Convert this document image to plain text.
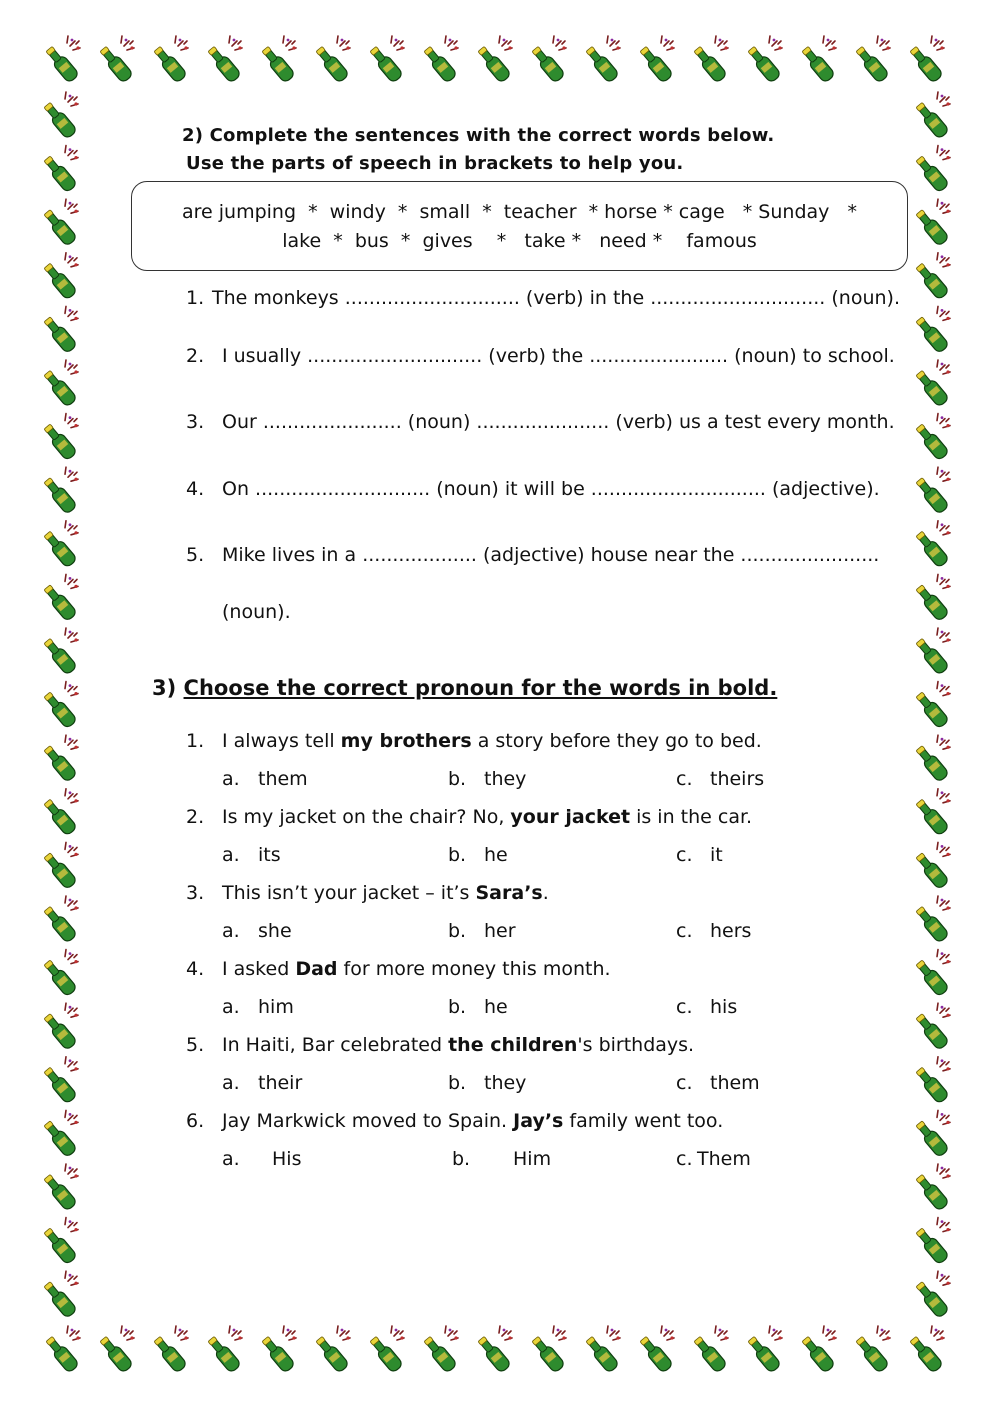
2) Complete the sentences with the correct words below.
Use the parts of speech in brackets to help you.
are jumping  *  windy  *  small  *  teacher  * horse * cage   * Sunday   *
lake  *  bus  *  gives    *   take *   need *    famous
1. The monkeys ............................. (verb) in the ............................. (noun).
2. I usually ............................. (verb) the ....................... (noun) to school.
3. Our ....................... (noun) ...................... (verb) us a test every month.
4. On ............................. (noun) it will be ............................. (adjective).
5. Mike lives in a ................... (adjective) house near the .......................
(noun).
3) Choose the correct pronoun for the words in bold.
1. I always tell my brothers a story before they go to bed.
a. them	b. they	c. theirs
2. Is my jacket on the chair? No, your jacket is in the car.
a. its	b. he	c. it
3. This isn’t your jacket – it’s Sara’s.
a. she	b. her	c. hers
4. I asked Dad for more money this month.
a. him	b. he	c. his
5. In Haiti, Bar celebrated the children's birthdays.
a. their	b. they	c. them
6. Jay Markwick moved to Spain. Jay’s family went too.
a. His	b. Him	c. Them
